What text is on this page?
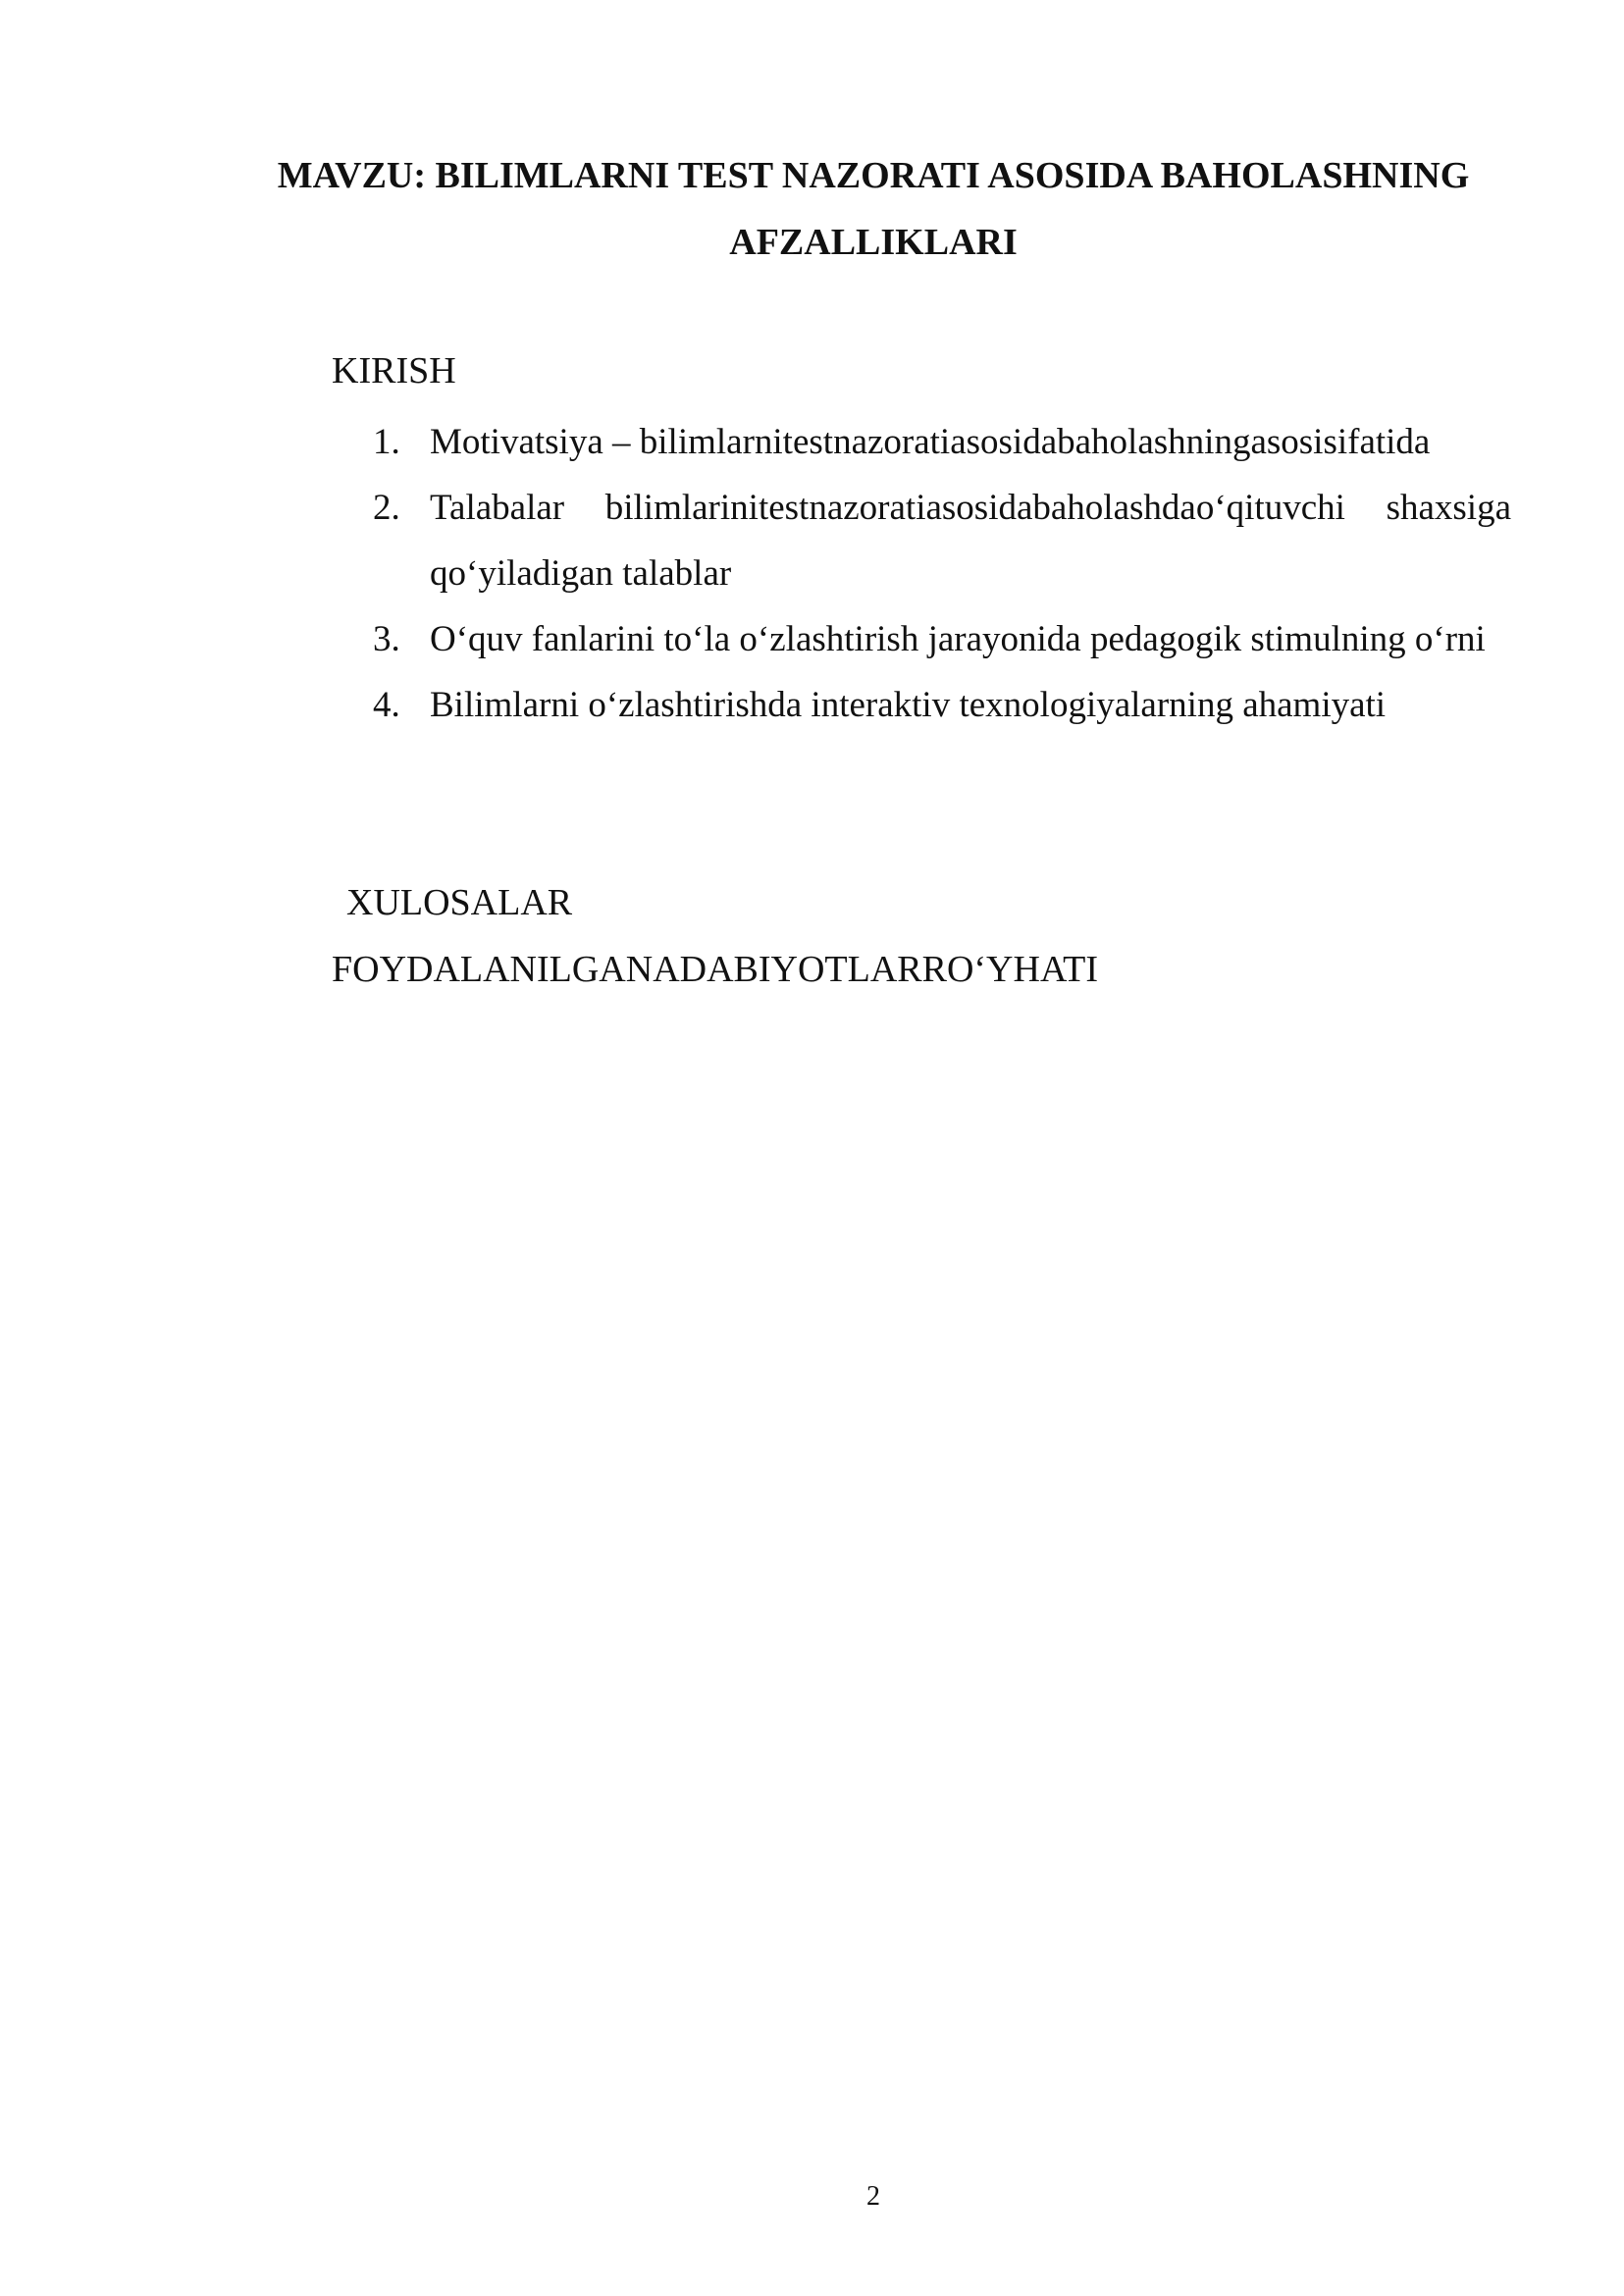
MAVZU: BILIMLARNI TEST NAZORATI ASOSIDA BAHOLASHNING
AFZALLIKLARI
KIRISH
1. Motivatsiya – bilimlarnitestnazoratiasosidabaholashningasosisifatida
2. Talabalar bilimlarinitestnazoratiasosidabaholashdao‘qituvchi shaxsiga qo‘yiladigan talablar
3. O‘quv fanlarini to‘la o‘zlashtirish jarayonida pedagogik stimulning o‘rni
4. Bilimlarni o‘zlashtirishda interaktiv texnologiyalarning ahamiyati
XULOSALAR
FOYDALANILGANADABIYOTLARRO‘YHATI
2
